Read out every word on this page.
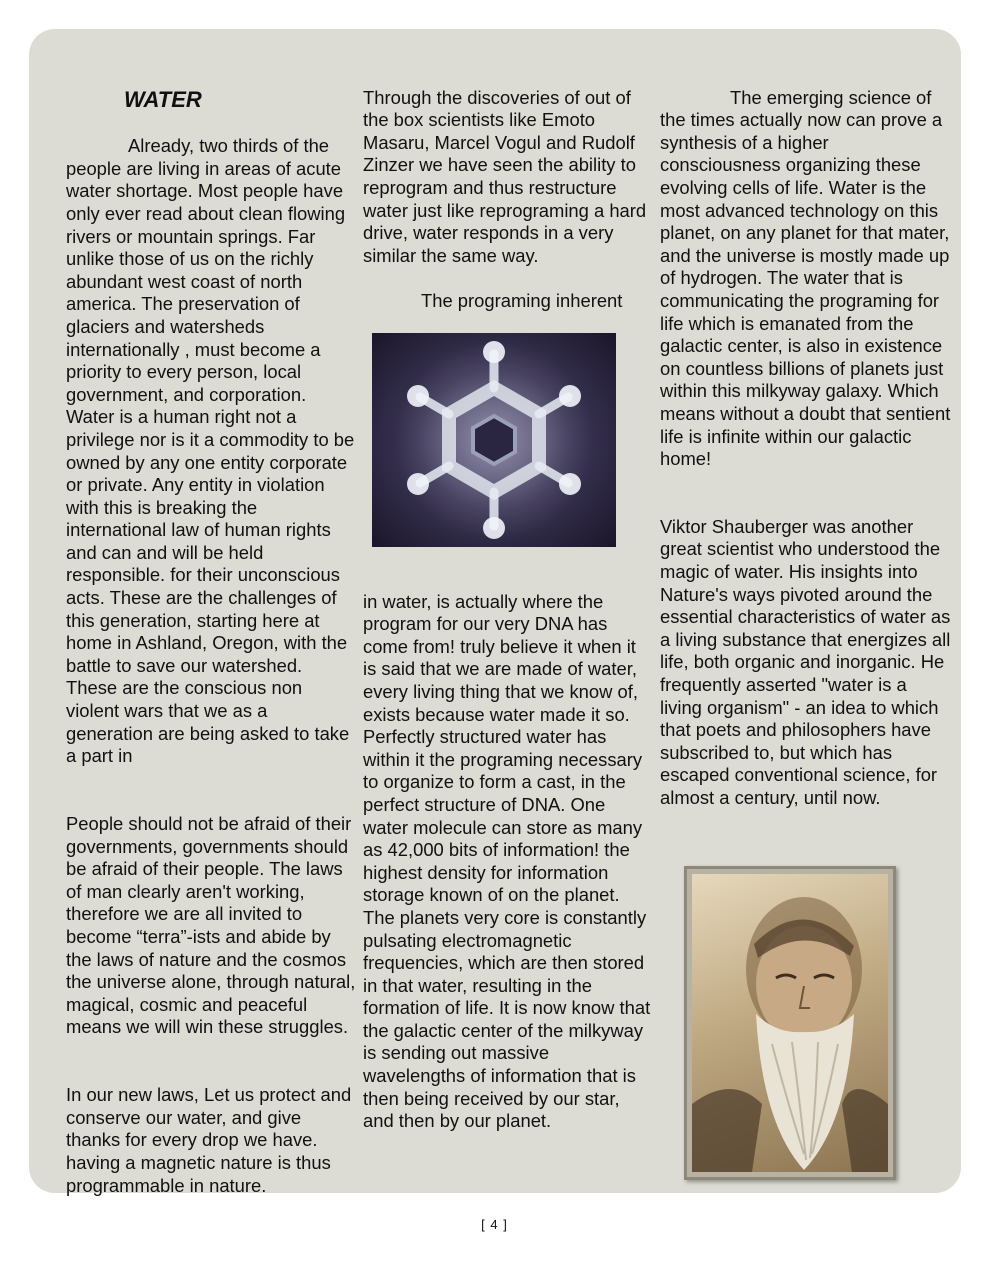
WATER

Already, two thirds of the people are living in areas of acute water shortage. Most people have only ever read about clean flowing rivers or mountain springs. Far unlike those of us on the richly abundant west coast of north america. The preservation of glaciers and watersheds internationally , must become a priority to every person, local government, and corporation. Water is a human right not a privilege nor is it a commodity to be owned by any one entity corporate or private. Any entity in violation with this is breaking the international law of human rights and can and will be held responsible. for their unconscious acts. These are the challenges of this generation, starting here at home in Ashland, Oregon, with the battle to save our watershed. These are the conscious non violent wars that we as a generation are being asked to take a part in

People should not be afraid of their governments, governments should be afraid of their people. The laws of man clearly aren't working, therefore we are all invited to become “terra”-ists and abide by the laws of nature and the cosmos the universe alone, through natural, magical, cosmic and peaceful means we will win these struggles.

In our new laws, Let us protect and conserve our water, and give thanks for every drop we have. having a magnetic nature is thus programmable in nature.

Through the discoveries of out of the box scientists like Emoto Masaru, Marcel Vogul and Rudolf Zinzer we have seen the ability to reprogram and thus restructure water just like reprograming a hard drive, water responds in a very similar the same way.

The programing inherent

in water, is actually where the program for our very DNA has come from! truly believe it when it is said that we are made of water, every living thing that we know of, exists because water made it so. Perfectly structured water has within it the programing necessary to organize to form a cast, in the perfect structure of DNA. One water molecule can store as many as 42,000 bits of information! the highest density for information storage known of on the planet. The planets very core is constantly pulsating electromagnetic frequencies, which are then stored in that water, resulting in the formation of life. It is now know that the galactic center of the milkyway is sending out massive wavelengths of information that is then being received by our star, and then by our planet.

The emerging science of the times actually now can prove a synthesis of a higher consciousness organizing these evolving cells of life. Water is the most advanced technology on this planet, on any planet for that mater, and the universe is mostly made up of hydrogen. The water that is communicating the programing for life which is emanated from the galactic center, is also in existence on countless billions of planets just within this milkyway galaxy. Which means without a doubt that sentient life is infinite within our galactic home!

Viktor Shauberger was another great scientist who understood the magic of water. His insights into Nature's ways pivoted around the essential characteristics of water as a living substance that energizes all life, both organic and inorganic. He frequently asserted "water is a living organism" - an idea to which that poets and philosophers have subscribed to, but which has escaped conventional science, for almost a century, until now.

[ 4 ]
